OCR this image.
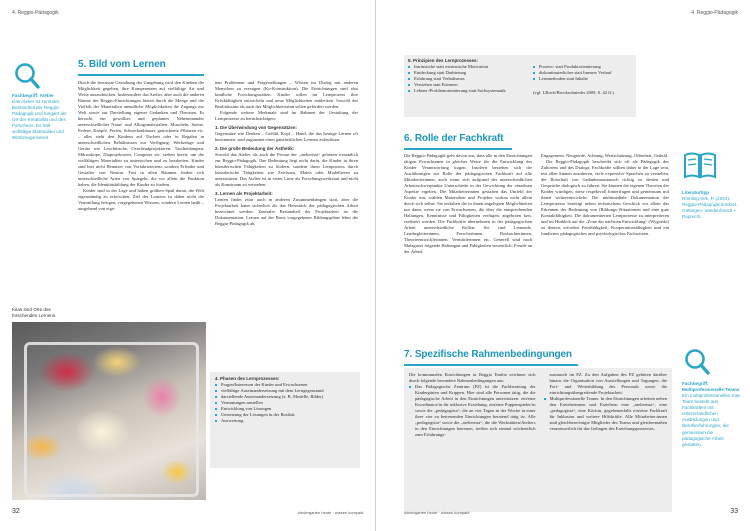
4. Reggio-Pädagogik
Fachbegriff: Atelier
Das Atelier ist zentraler Bestandteil der Reggio-Pädagogik und fungiert als Ort der Kreativität und des Forschens. Es hält vielfältige Materialien und Werkzeuge bereit.
Kitas sind Orte des forschenden Lernens.
5. Bild vom Lernen

Durch die bewusste Gestaltung der Umgebung wird den Kindern die Möglichkeit gegeben, ihre Kompetenzen auf vielfältige Art und Weise auszudrücken. Insbesondere das Atelier, aber auch die anderen Räume der Reggio-Einrichtungen bieten durch die Menge und die Vielfalt der Materialien unendliche Möglichkeiten die Zugangs zur Welt sowie zur Darstellung eigener Gedanken und Theorien. Es herrscht ein gewolltes und geplantes Nebeneinander unterschiedlicher Natur- und Alltagsmaterialien: Muscheln, Steine, Federn, Knöpfe, Perlen, Schneckenhäuser, getrocknete Pflanzen etc. – alles steht den Kindern auf Tischen oder in Regalen in unterschiedlichen Behältnissen zur Verfügung. Werkzeuge und Geräte wie Leuchttische, Overheadprojektoren, Taschenlampen, Mikroskope, Diaprojektoren, Computer etc. stehen bereit, um die vielfältigen Materialien zu untersuchen und zu bearbeiten. Kinder sind hier nicht Benutzer von Vorfabriziertem, sondern Erfinder und Gestalter von Neuem. Fast in allen Räumen finden sich unterschiedliche Arten von Spiegeln, die vor allem die Funktion haben, die Identitätsbildung der Kinder zu fördern.

Kinder sind in der Lage und haben größten Spaß daran, die Welt eigenständig zu erforschen. Ziel des Lernens ist daher nicht die Vermittlung fertigen, vorgegebenen Wissens, sondern Lernen heißt – ausgehend von eige-

nen Problemen und Fragestellungen – Wissen im Dialog mit anderen Menschen zu erzeugen (Ko-Konstruktion). Die Einrichtungen sind also kindliche Forschungsstätten. Kinder sollen im Lernprozess ihre Kritikfähigkeit entwickeln und neue Möglichkeiten entdecken. Sowohl der Realitätssinn als auch der Möglichkeitssinn sollen gefördert werden.

Folgende weitere Merkmale sind im Rahmen der Gestaltung der Lernprozesse zu berücksichtigen:

1. Die Überwindung von Gegensätzen:

Gegensätze wie Denken – Gefühl, Kopf – Hand, die das heutige Lernen oft bestimmen, sind zugunsten eines ganzheitlichen Lernens aufzulösen.

2. Die große Bedeutung der Ästhetik:

Sowohl das Atelier als auch die Person der „atelierista“ gehören wesentlich zur Reggio-Pädagogik. Ihre Bedeutung liegt nicht darin, die Kinder in ihren künstlerischen Fähigkeiten zu fördern, sondern ihren Lernprozess durch künstlerische Tätigkeiten wie Zeichnen, Malen oder Modellieren zu unterstützen. Das Atelier ist in erster Linie als Forschungswerkstatt und nicht als Kunstraum zu verstehen.

3. Lernen als Projektarbeit:

Lernen findet zwar auch in anderen Zusammenhängen statt, aber die Projektarbeit kann sicherlich als das Herzstück der pädagogischen Arbeit bezeichnet werden. Zentraler Bestandteil der Projektarbeit ist die Dokumentation. Lernen auf der Basis vorgegebener Bildungspläne lehnt die Reggio-Pädagogik ab.

4. Phasen des Lernprozesses:
Fragen/Interessen der Kinder und Erwachsenen
vielfältige Auseinandersetzung mit dem Lerngegenstand
darstellende Auseinandersetzung (z. B. Modelle, Bilder)
Vermutungen anstellen
Entwicklung von Lösungen
Umsetzung der Lösungen in der Realität
Auswertung
32	kindergarten heute · wissen kompakt
4. Reggio-Pädagogik
5. Prinzipien des Lernprozesses:
Intrinsische statt extrinsische Motivation
Entdeckung statt Darbietung
Erfahrung statt Verbalismus
Verstehen statt Erinnern
Lebens-/Problemorientierung statt Sachsystematik
Prozess- statt Produktorientierung
diskontinuierlicher statt linearer Verlauf
Lernmethoden statt Inhalte
(vgl. Ullrich/Brockschnieder 2009, S. 42 ff.)
6. Rolle der Fachkraft

Die Reggio-Pädagogik geht davon aus, dass alle in den Einrichtungen tätigen Erwachsenen in gleicher Weise für die Entwicklung der Kinder Verantwortung tragen. Insofern beziehen sich die Ausführungen zur Rolle der pädagogischen Fachkraft auf alle Mitarbeiterinnen, auch wenn sich aufgrund der unterschiedlichen Arbeitsschwerpunkte Unterschiede in der Gewichtung der einzelnen Aspekte ergeben. Die Mitarbeiterinnen gestalten das Umfeld der Kinder mit, wählen Materialien und Projekte wirken nicht allein durch sich selbst. Sie entfalten die in ihnen angelegten Möglichkeiten nur dann, wenn sie von Erwachsenen, die über die entsprechenden Haltungen, Kenntnisse und Fähigkeiten verfügen, angeboten bzw. realisiert werden. Die Fachkräfte übernehmen in der pädagogischen Arbeit unterschiedliche Rollen: Sie sind Lernende, Lernbegleiterinnen, Forscherinnen, Beobachterinnen, Theorieentwicklerinnen, Vermittlerinnen etc. Generell sind nach Malaguzzi folgende Haltungen und Fähigkeiten wesentlich: Freude an der Arbeit,

Engagement, Neugierde, Achtung, Wertschätzung, Offenheit, Geduld.

Die Reggio-Pädagogik beschreibt sich oft als Pädagogik des Zuhörens und des Dialogs. Fachkräfte sollten daher in der Lage sein, mit allen Sinnen zuzuhören, viele expressive Sprachen zu verstehen, die Botschaft von Gedankenaustausch richtig zu deuten und Gespräche dialogisch zu führen. Sie können die eigenen Theorien der Kinder würdigen, diese respektvoll hinterfragen und gemeinsam mit ihnen weiterentwickeln. Die multimediale Dokumentation der Lernprozesse benötigt neben technischem Geschick vor allem das Erkennen der Bedeutung von (Bildungs-)Situationen und eine gute Kontaktfähigkeit. Die dokumentierten Lernprozesse zu interpretieren und im Hinblick auf die „Zone der nächsten Entwicklung“ (Wygotski) zu deuten, erfordert Feinfühligkeit, Kooperationsfähigkeit und ein fundiertes pädagogisches und psychologisches Fachwissen.

Literaturtipp
Römling-Irek, P. (2024): Reggio-Pädagogik konkret. Göttingen: Vandenhoeck + Ruprecht.
7. Spezifische Rahmenbedingungen

Die kommunalen Einrichtungen in Reggio Emilia zeichnen sich durch folgende besondere Rahmenbedingungen aus:

Das Pädagogische Zentrum (PZ) ist die Fachberatung der Kindergärten und Krippen. Hier sind alle Personen tätig, die die pädagogische Arbeit in den Einrichtungen unterstützen: ein/eine Koordinator/in für inklusive Erziehung, ein/eine Puppenspieler/in sowie die „pedagogista“, die an vier Tagen in der Woche in einer ihrer vier zu betreuenden Einrichtungen beratend tätig ist. Alle „pedagogista“ sowie die „atelierista“, die die Werkstätten/Ateliers in den Einrichtungen betreuen, treffen sich einmal wöchentlich zum Erfahrungs-

austausch im PZ. Zu den Aufgaben des PZ gehören darüber hinaus die Organisation von Ausstellungen und Tagungen, die Fort- und Weiterbildung des Personals sowie die einrichtungsübergreifende Projektarbeit.

Multiprofessionelle Teams: In den Einrichtungen arbeiten neben den Erzieherinnen und Erziehern eine „atelierista“, eine „pedagogista“, eine Köchin, gegebenenfalls ein/eine Fachkraft für Inklusion und weitere Hilfskräfte. Alle Mitarbeiter:innen sind gleichberechtigte Mitglieder des Teams und gleichermaßen verantwortlich für das Gelingen des Erziehungsprozesses.
Fachbegriff: Multiprofessionelle Teams
Ein multiprofessionelles Kita-Team besteht aus Fachkräften mit unterschiedlichen Ausbildungen und Berufserfahrungen, die gemeinsam die pädagogische Arbeit gestalten.
kindergarten heute · wissen kompakt	33
